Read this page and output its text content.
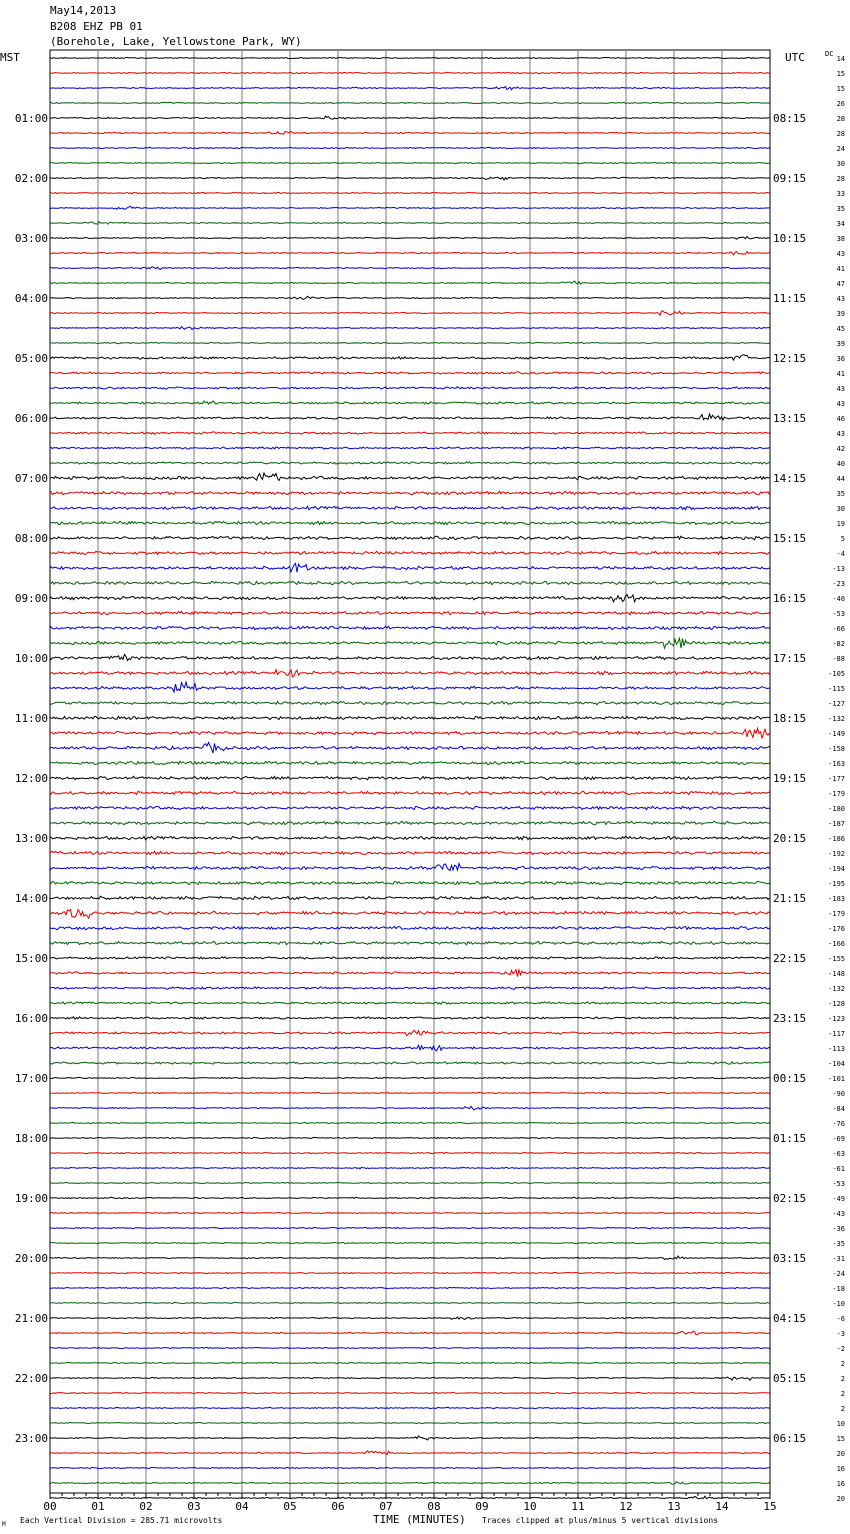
May14,2013
B208 EHZ PB 01
(Borehole, Lake, Yellowstone Park, WY)
00	01	02	03	04	05	06	07	08	09	10	11	12	13	14	15
14
15
15
26
28
28
24
30
28
33
35
34
38
43
41
47
43
39
45
39
36
41
43
43
46
43
42
40
44
35
30
19
5
-4
-13
-23
-40
-53
-66
-82
-88
-105
-115
-127
-132
-149
-158
-163
-177
-179
-180
-187
-186
-192
-194
-195
-183
-179
-176
-166
-155
-148
-132
-128
-123
-117
-113
-104
-101
-90
-84
-76
-69
-63
-61
-53
-49
-43
-36
-35
-31
-24
-18
-10
-6
-3
-2
2
2
2
2
10
15
20
16
16
20
01:00	08:15
02:00	09:15
03:00	10:15
04:00	11:15
05:00	12:15
06:00	13:15
07:00	14:15
08:00	15:15
09:00	16:15
10:00	17:15
11:00	18:15
12:00	19:15
13:00	20:15
14:00	21:15
15:00	22:15
16:00	23:15
17:00	00:15
18:00	01:15
19:00	02:15
20:00	03:15
21:00	04:15
22:00	05:15
23:00	06:15
MST	UTC	DC
TIME (MINUTES)
Each Vertical Division = 285.71 microvolts	Traces clipped at plus/minus 5 vertical divisions
M
